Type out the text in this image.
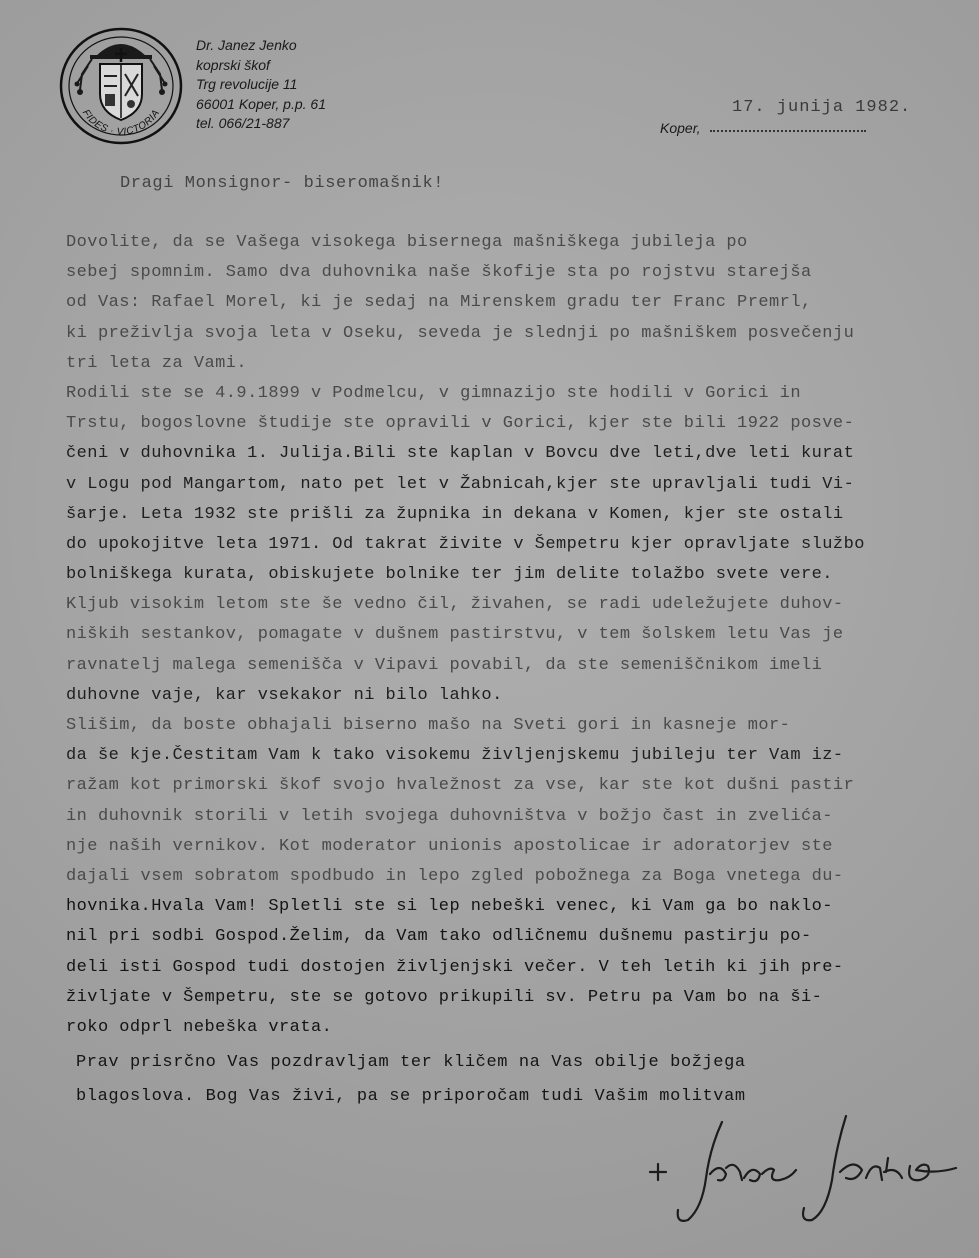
FIDES · VICTORIA
Dr. Janez Jenko
koprski škof
Trg revolucije 11
66001 Koper, p.p. 61
tel. 066/21-887
17. junija 1982.
Koper,
Dragi Monsignor- biseromašnik!
Dovolite, da se Vašega visokega bisernega mašniškega jubileja po
sebej spomnim. Samo dva duhovnika naše škofije sta po rojstvu starejša
od Vas: Rafael Morel, ki je sedaj na Mirenskem gradu ter Franc Premrl,
ki preživlja svoja leta v Oseku, seveda je slednji po mašniškem posvečenju
tri leta za Vami.
Rodili ste se 4.9.1899 v Podmelcu, v gimnazijo ste hodili v Gorici in
Trstu, bogoslovne študije ste opravili v Gorici, kjer ste bili 1922 posve-
čeni v duhovnika 1. Julija.Bili ste kaplan v Bovcu dve leti,dve leti kurat
v Logu pod Mangartom, nato pet let v Žabnicah,kjer ste upravljali tudi Vi-
šarje. Leta 1932 ste prišli za župnika in dekana v Komen, kjer ste ostali
do upokojitve leta 1971. Od takrat živite v Šempetru kjer opravljate službo
bolniškega kurata, obiskujete bolnike ter jim delite tolažbo svete vere.
Kljub visokim letom ste še vedno čil, živahen, se radi udeležujete duhov-
niških sestankov, pomagate v dušnem pastirstvu, v tem šolskem letu Vas je
ravnatelj malega semenišča v Vipavi povabil, da ste semeniščnikom imeli
duhovne vaje, kar vsekakor ni bilo lahko.
Slišim, da boste obhajali biserno mašo na Sveti gori in kasneje mor-
da še kje.Čestitam Vam k tako visokemu življenjskemu jubileju ter Vam iz-
ražam kot primorski škof svojo hvaležnost za vse, kar ste kot dušni pastir
in duhovnik storili v letih svojega duhovništva v božjo čast in zvelića-
nje naših vernikov. Kot moderator unionis apostolicae ir adoratorjev ste
dajali vsem sobratom spodbudo in lepo zgled pobožnega za Boga vnetega du-
hovnika.Hvala Vam! Spletli ste si lep nebeški venec, ki Vam ga bo naklo-
nil pri sodbi Gospod.Želim, da Vam tako odličnemu dušnemu pastirju po-
deli isti Gospod tudi dostojen življenjski večer. V teh letih ki jih pre-
življate v Šempetru, ste se gotovo prikupili sv. Petru pa Vam bo na ši-
roko odprl nebeška vrata.
Prav prisrčno Vas pozdravljam ter kličem na Vas obilje božjega
blagoslova. Bog Vas živi, pa se priporočam tudi Vašim molitvam
